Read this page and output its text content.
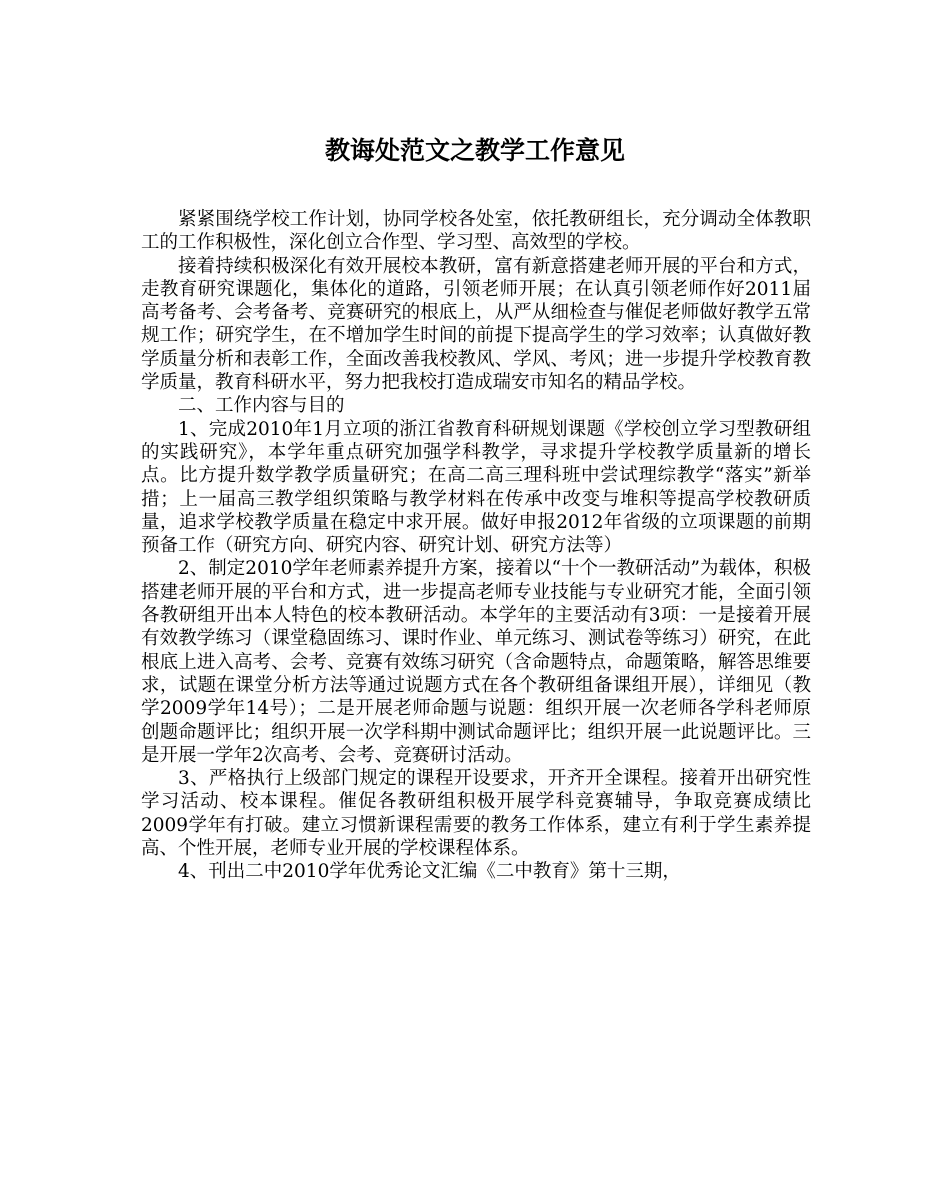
教诲处范文之教学工作意见

紧紧围绕学校工作计划，协同学校各处室，依托教研组长，充分调动全体教职工的工作积极性，深化创立合作型、学习型、高效型的学校。

接着持续积极深化有效开展校本教研，富有新意搭建老师开展的平台和方式，走教育研究课题化，集体化的道路，引领老师开展；在认真引领老师作好2011届高考备考、会考备考、竞赛研究的根底上，从严从细检查与催促老师做好教学五常规工作；研究学生，在不增加学生时间的前提下提高学生的学习效率；认真做好教学质量分析和表彰工作，全面改善我校教风、学风、考风；进一步提升学校教育教学质量，教育科研水平，努力把我校打造成瑞安市知名的精品学校。

二、工作内容与目的

1、完成2010年1月立项的浙江省教育科研规划课题《学校创立学习型教研组的实践研究》，本学年重点研究加强学科教学，寻求提升学校教学质量新的增长点。比方提升数学教学质量研究；在高二高三理科班中尝试理综教学“落实”新举措；上一届高三教学组织策略与教学材料在传承中改变与堆积等提高学校教研质量，追求学校教学质量在稳定中求开展。做好申报2012年省级的立项课题的前期预备工作（研究方向、研究内容、研究计划、研究方法等）

2、制定2010学年老师素养提升方案，接着以“十个一教研活动”为载体，积极搭建老师开展的平台和方式，进一步提高老师专业技能与专业研究才能，全面引领各教研组开出本人特色的校本教研活动。本学年的主要活动有3项：一是接着开展有效教学练习（课堂稳固练习、课时作业、单元练习、测试卷等练习）研究，在此根底上进入高考、会考、竞赛有效练习研究（含命题特点，命题策略，解答思维要求，试题在课堂分析方法等通过说题方式在各个教研组备课组开展），详细见（教学2009学年14号）；二是开展老师命题与说题：组织开展一次老师各学科老师原创题命题评比；组织开展一次学科期中测试命题评比；组织开展一此说题评比。三是开展一学年2次高考、会考、竞赛研讨活动。

3、严格执行上级部门规定的课程开设要求，开齐开全课程。接着开出研究性学习活动、校本课程。催促各教研组积极开展学科竞赛辅导，争取竞赛成绩比2009学年有打破。建立习惯新课程需要的教务工作体系，建立有利于学生素养提高、个性开展，老师专业开展的学校课程体系。

4、刊出二中2010学年优秀论文汇编《二中教育》第十三期，
